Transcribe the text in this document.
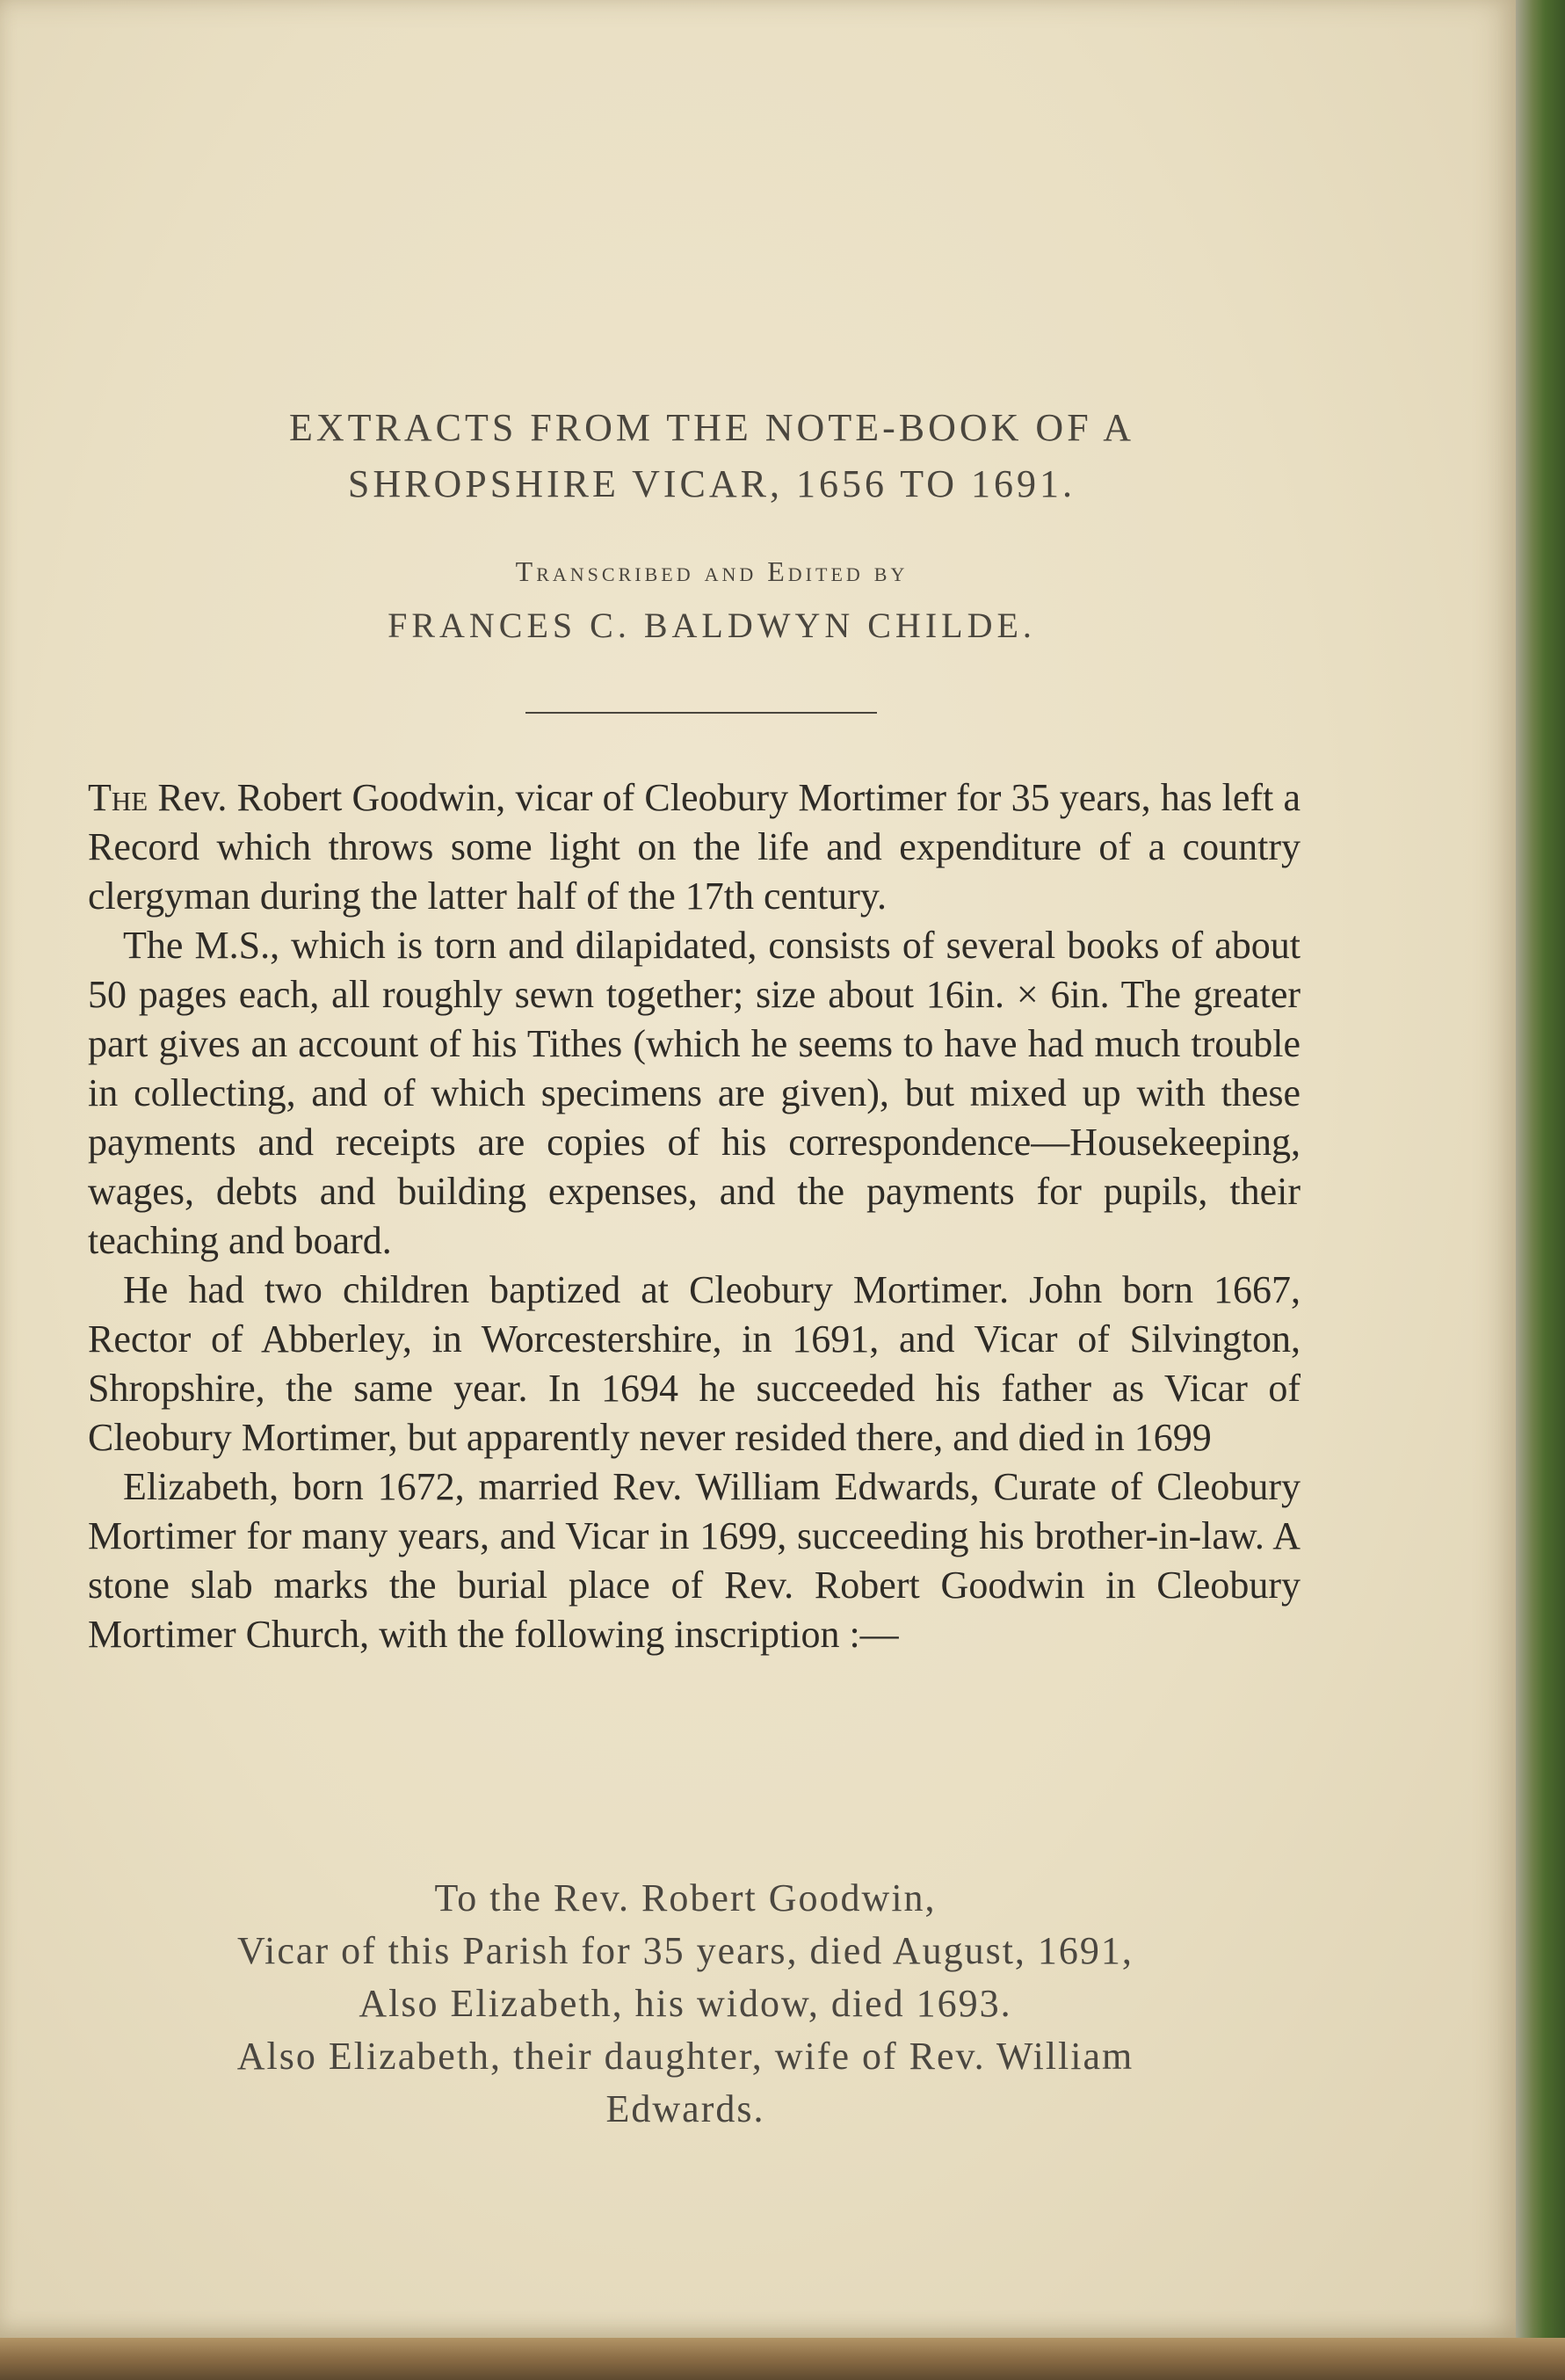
EXTRACTS FROM THE NOTE-BOOK OF A
SHROPSHIRE VICAR, 1656 TO 1691.
Transcribed and Edited by
FRANCES C. BALDWYN CHILDE.

The Rev. Robert Goodwin, vicar of Cleobury Mortimer for 35 years, has left a Record which throws some light on the life and expenditure of a country clergyman during the latter half of the 17th century.

The M.S., which is torn and dilapidated, consists of several books of about 50 pages each, all roughly sewn together; size about 16in. × 6in. The greater part gives an account of his Tithes (which he seems to have had much trouble in collecting, and of which specimens are given), but mixed up with these payments and receipts are copies of his correspondence—Housekeeping, wages, debts and building expenses, and the payments for pupils, their teaching and board.

He had two children baptized at Cleobury Mortimer. John born 1667, Rector of Abberley, in Worcestershire, in 1691, and Vicar of Silvington, Shropshire, the same year. In 1694 he succeeded his father as Vicar of Cleobury Mortimer, but apparently never resided there, and died in 1699

Elizabeth, born 1672, married Rev. William Edwards, Curate of Cleobury Mortimer for many years, and Vicar in 1699, succeeding his brother-in-law. A stone slab marks the burial place of Rev. Robert Goodwin in Cleobury Mortimer Church, with the following inscription :—

To the Rev. Robert Goodwin,
Vicar of this Parish for 35 years, died August, 1691,
Also Elizabeth, his widow, died 1693.
Also Elizabeth, their daughter, wife of Rev. William
Edwards.
